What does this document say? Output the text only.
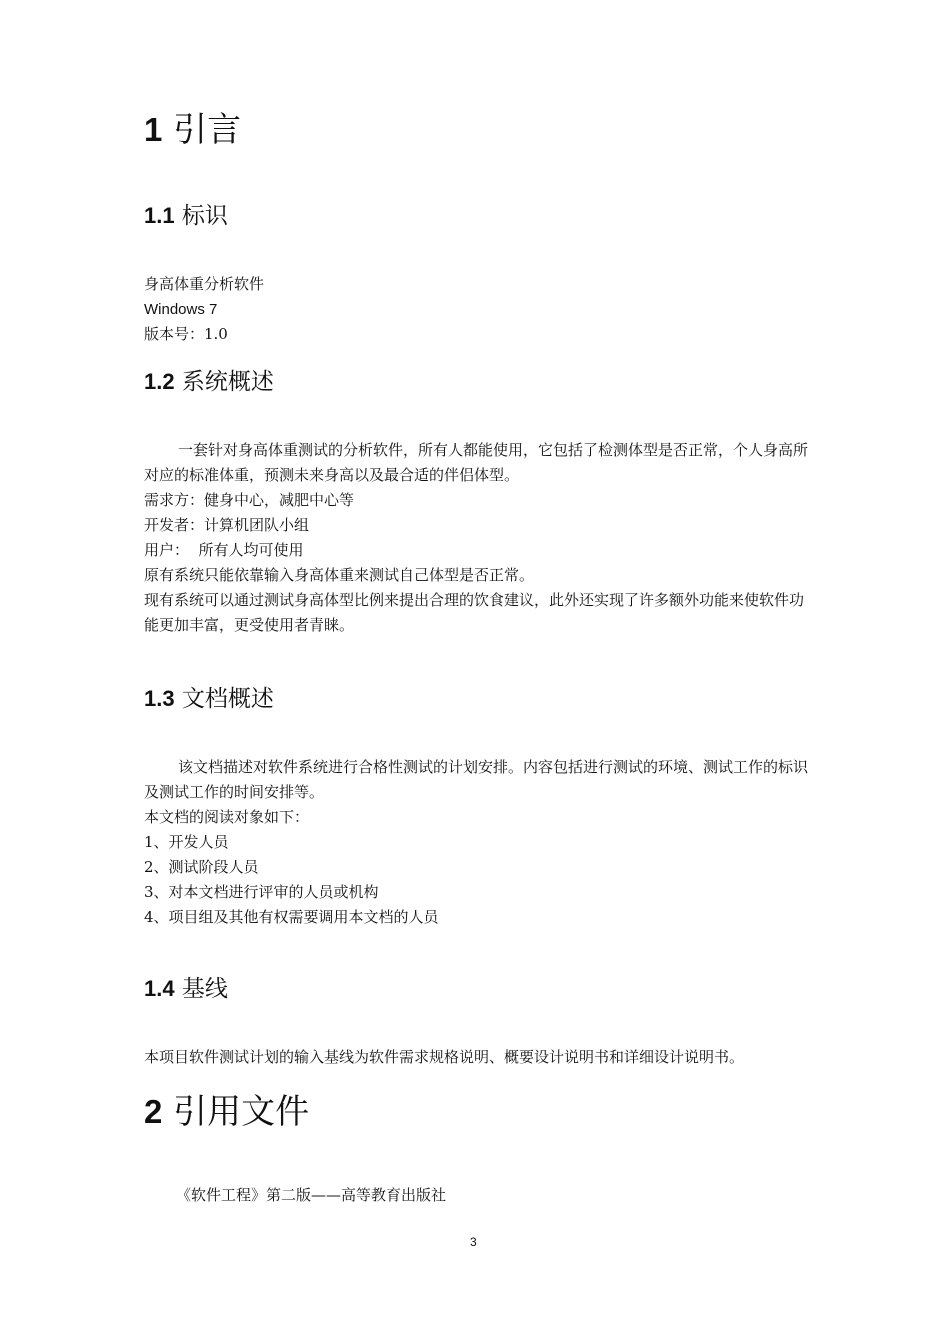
1 引言
1.1 标识
身高体重分析软件
Windows 7
版本号：1.0
1.2 系统概述
一套针对身高体重测试的分析软件，所有人都能使用，它包括了检测体型是否正常，个人身高所对应的标准体重，预测未来身高以及最合适的伴侣体型。
需求方：健身中心，减肥中心等
开发者：计算机团队小组
用户：  所有人均可使用
原有系统只能依靠输入身高体重来测试自己体型是否正常。
现有系统可以通过测试身高体型比例来提出合理的饮食建议，此外还实现了许多额外功能来使软件功能更加丰富，更受使用者青睐。
1.3 文档概述
该文档描述对软件系统进行合格性测试的计划安排。内容包括进行测试的环境、测试工作的标识及测试工作的时间安排等。
本文档的阅读对象如下：
1、开发人员
2、测试阶段人员
3、对本文档进行评审的人员或机构
4、项目组及其他有权需要调用本文档的人员
1.4 基线
本项目软件测试计划的输入基线为软件需求规格说明、概要设计说明书和详细设计说明书。
2 引用文件
《软件工程》第二版——高等教育出版社
3
